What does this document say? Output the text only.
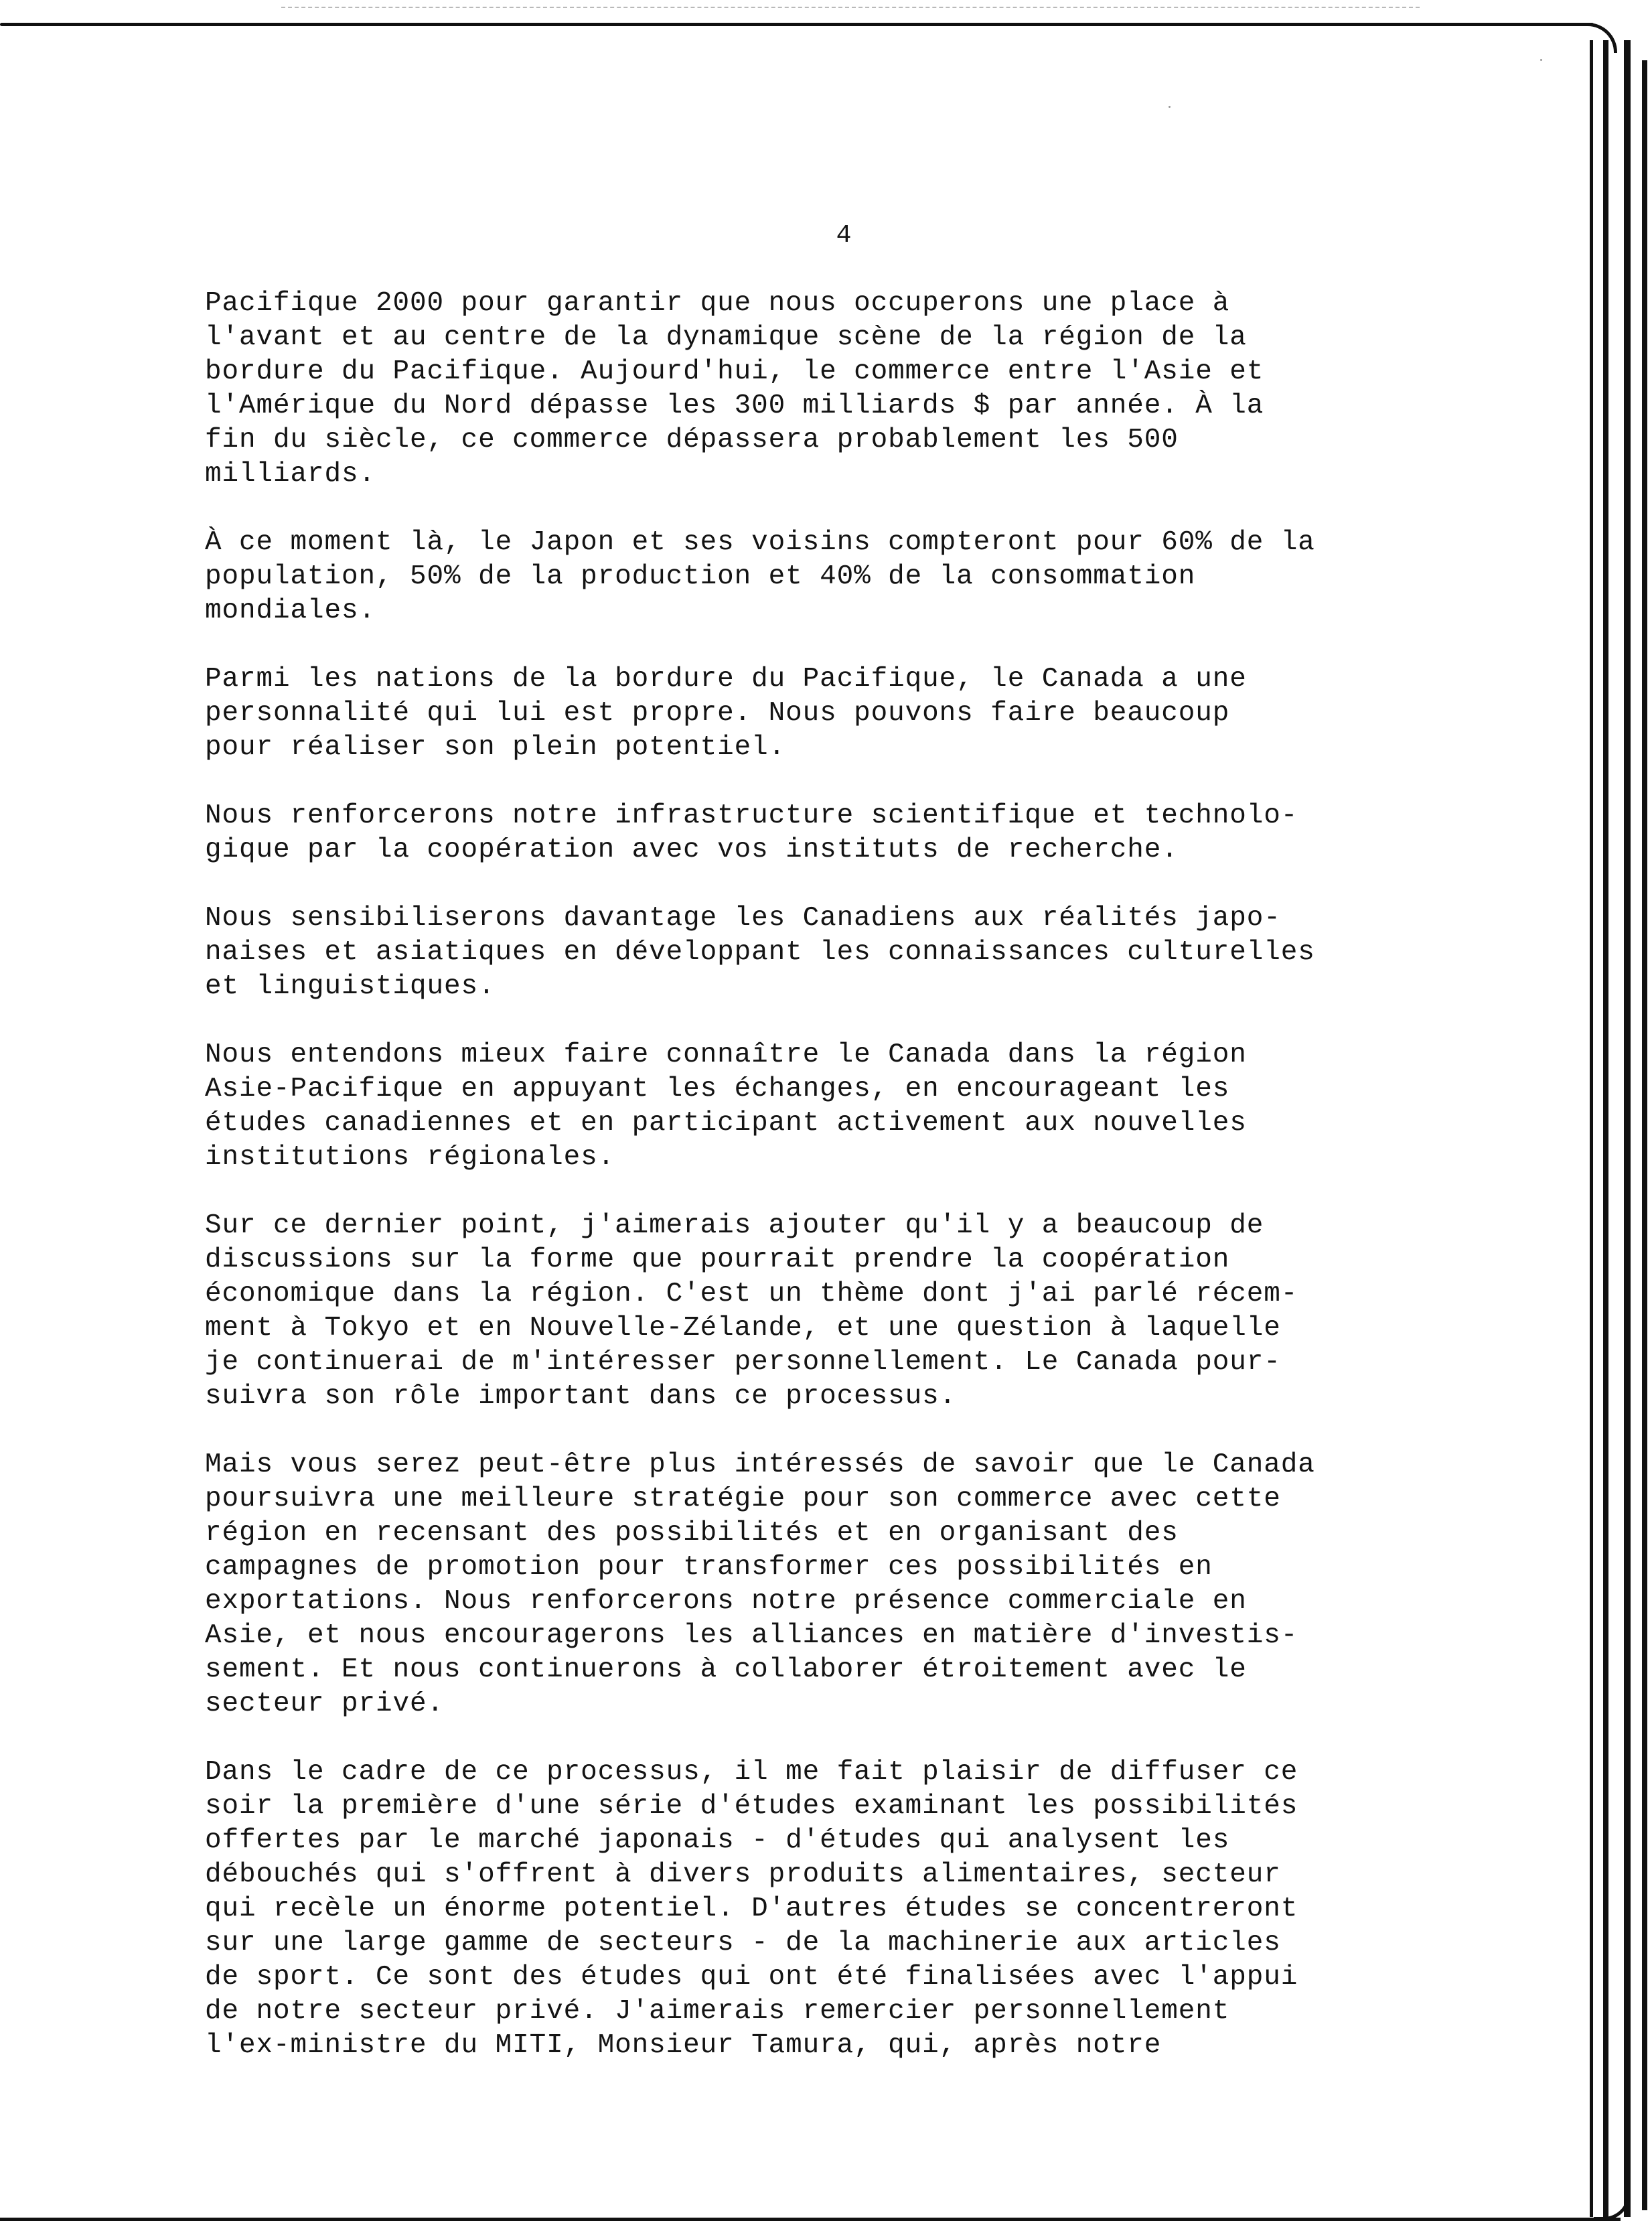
4

Pacifique 2000 pour garantir que nous occuperons une place à
l'avant et au centre de la dynamique scène de la région de la
bordure du Pacifique. Aujourd'hui, le commerce entre l'Asie et
l'Amérique du Nord dépasse les 300 milliards $ par année. À la
fin du siècle, ce commerce dépassera probablement les 500
milliards.

À ce moment là, le Japon et ses voisins compteront pour 60% de la
population, 50% de la production et 40% de la consommation
mondiales.

Parmi les nations de la bordure du Pacifique, le Canada a une
personnalité qui lui est propre. Nous pouvons faire beaucoup
pour réaliser son plein potentiel.

Nous renforcerons notre infrastructure scientifique et technolo-
gique par la coopération avec vos instituts de recherche.

Nous sensibiliserons davantage les Canadiens aux réalités japo-
naises et asiatiques en développant les connaissances culturelles
et linguistiques.

Nous entendons mieux faire connaître le Canada dans la région
Asie-Pacifique en appuyant les échanges, en encourageant les
études canadiennes et en participant activement aux nouvelles
institutions régionales.

Sur ce dernier point, j'aimerais ajouter qu'il y a beaucoup de
discussions sur la forme que pourrait prendre la coopération
économique dans la région. C'est un thème dont j'ai parlé récem-
ment à Tokyo et en Nouvelle-Zélande, et une question à laquelle
je continuerai de m'intéresser personnellement. Le Canada pour-
suivra son rôle important dans ce processus.

Mais vous serez peut-être plus intéressés de savoir que le Canada
poursuivra une meilleure stratégie pour son commerce avec cette
région en recensant des possibilités et en organisant des
campagnes de promotion pour transformer ces possibilités en
exportations. Nous renforcerons notre présence commerciale en
Asie, et nous encouragerons les alliances en matière d'investis-
sement. Et nous continuerons à collaborer étroitement avec le
secteur privé.

Dans le cadre de ce processus, il me fait plaisir de diffuser ce
soir la première d'une série d'études examinant les possibilités
offertes par le marché japonais - d'études qui analysent les
débouchés qui s'offrent à divers produits alimentaires, secteur
qui recèle un énorme potentiel. D'autres études se concentreront
sur une large gamme de secteurs - de la machinerie aux articles
de sport. Ce sont des études qui ont été finalisées avec l'appui
de notre secteur privé. J'aimerais remercier personnellement
l'ex-ministre du MITI, Monsieur Tamura, qui, après notre
